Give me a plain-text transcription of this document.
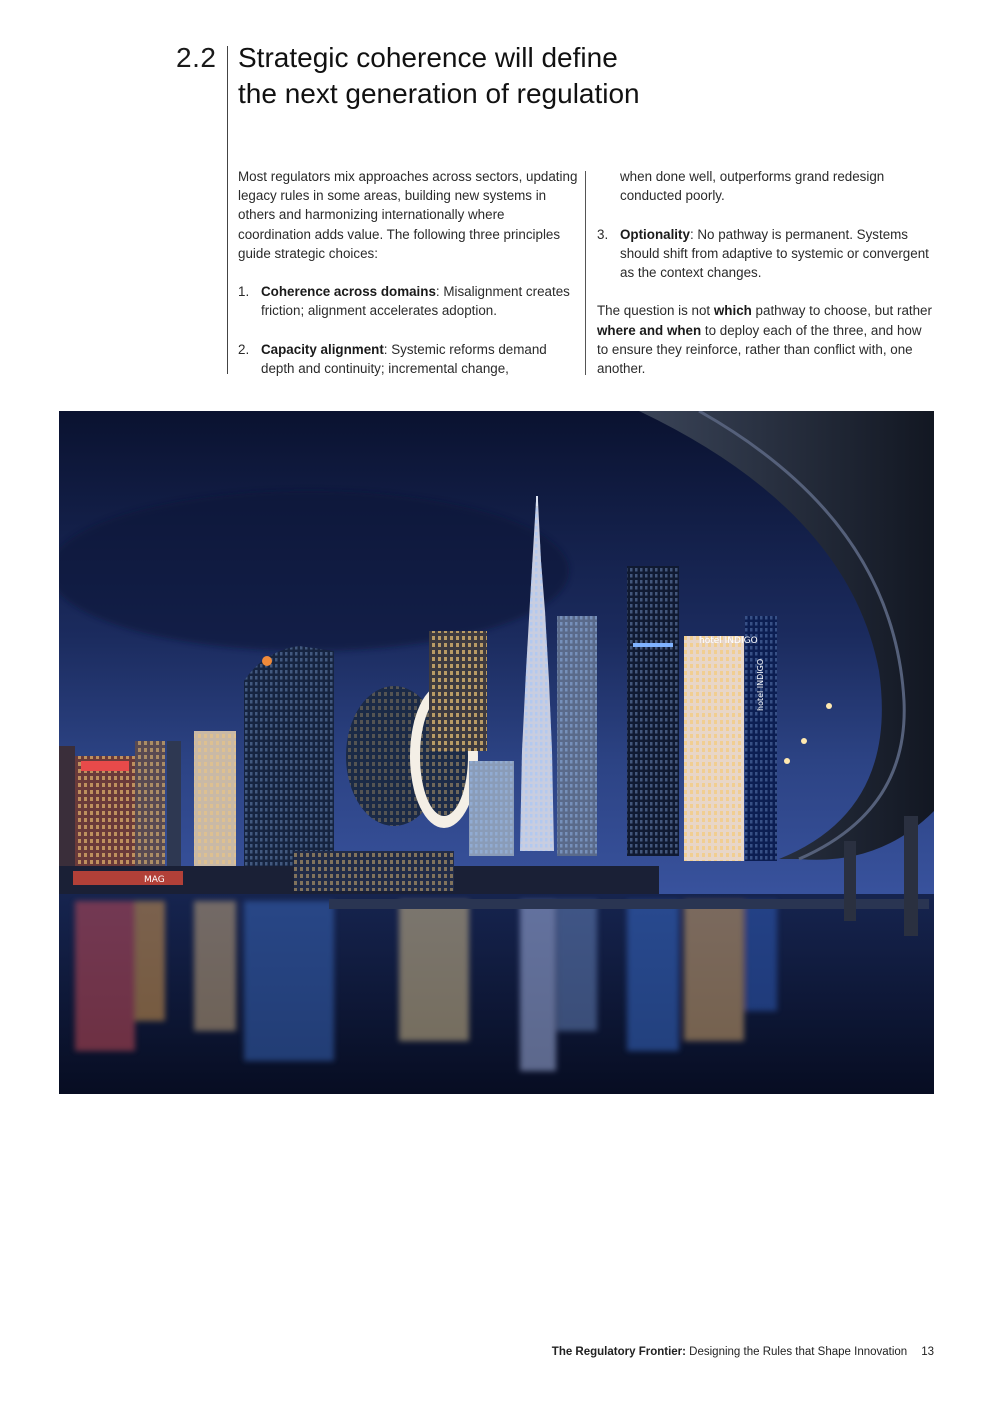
2.2 Strategic coherence will define
the next generation of regulation

Most regulators mix approaches across sectors, updating legacy rules in some areas, building new systems in others and harmonizing internationally where coordination adds value. The following three principles guide strategic choices:

1. Coherence across domains: Misalignment creates friction; alignment accelerates adoption.
2. Capacity alignment: Systemic reforms demand depth and continuity; incremental change,
when done well, outperforms grand redesign conducted poorly.
3. Optionality: No pathway is permanent. Systems should shift from adaptive to systemic or convergent as the context changes.

The question is not which pathway to choose, but rather where and when to deploy each of the three, and how to ensure they reinforce, rather than conflict with, one another.

hotel INDIGO
hotel INDIGO
MAG
The Regulatory Frontier: Designing the Rules that Shape Innovation 13
